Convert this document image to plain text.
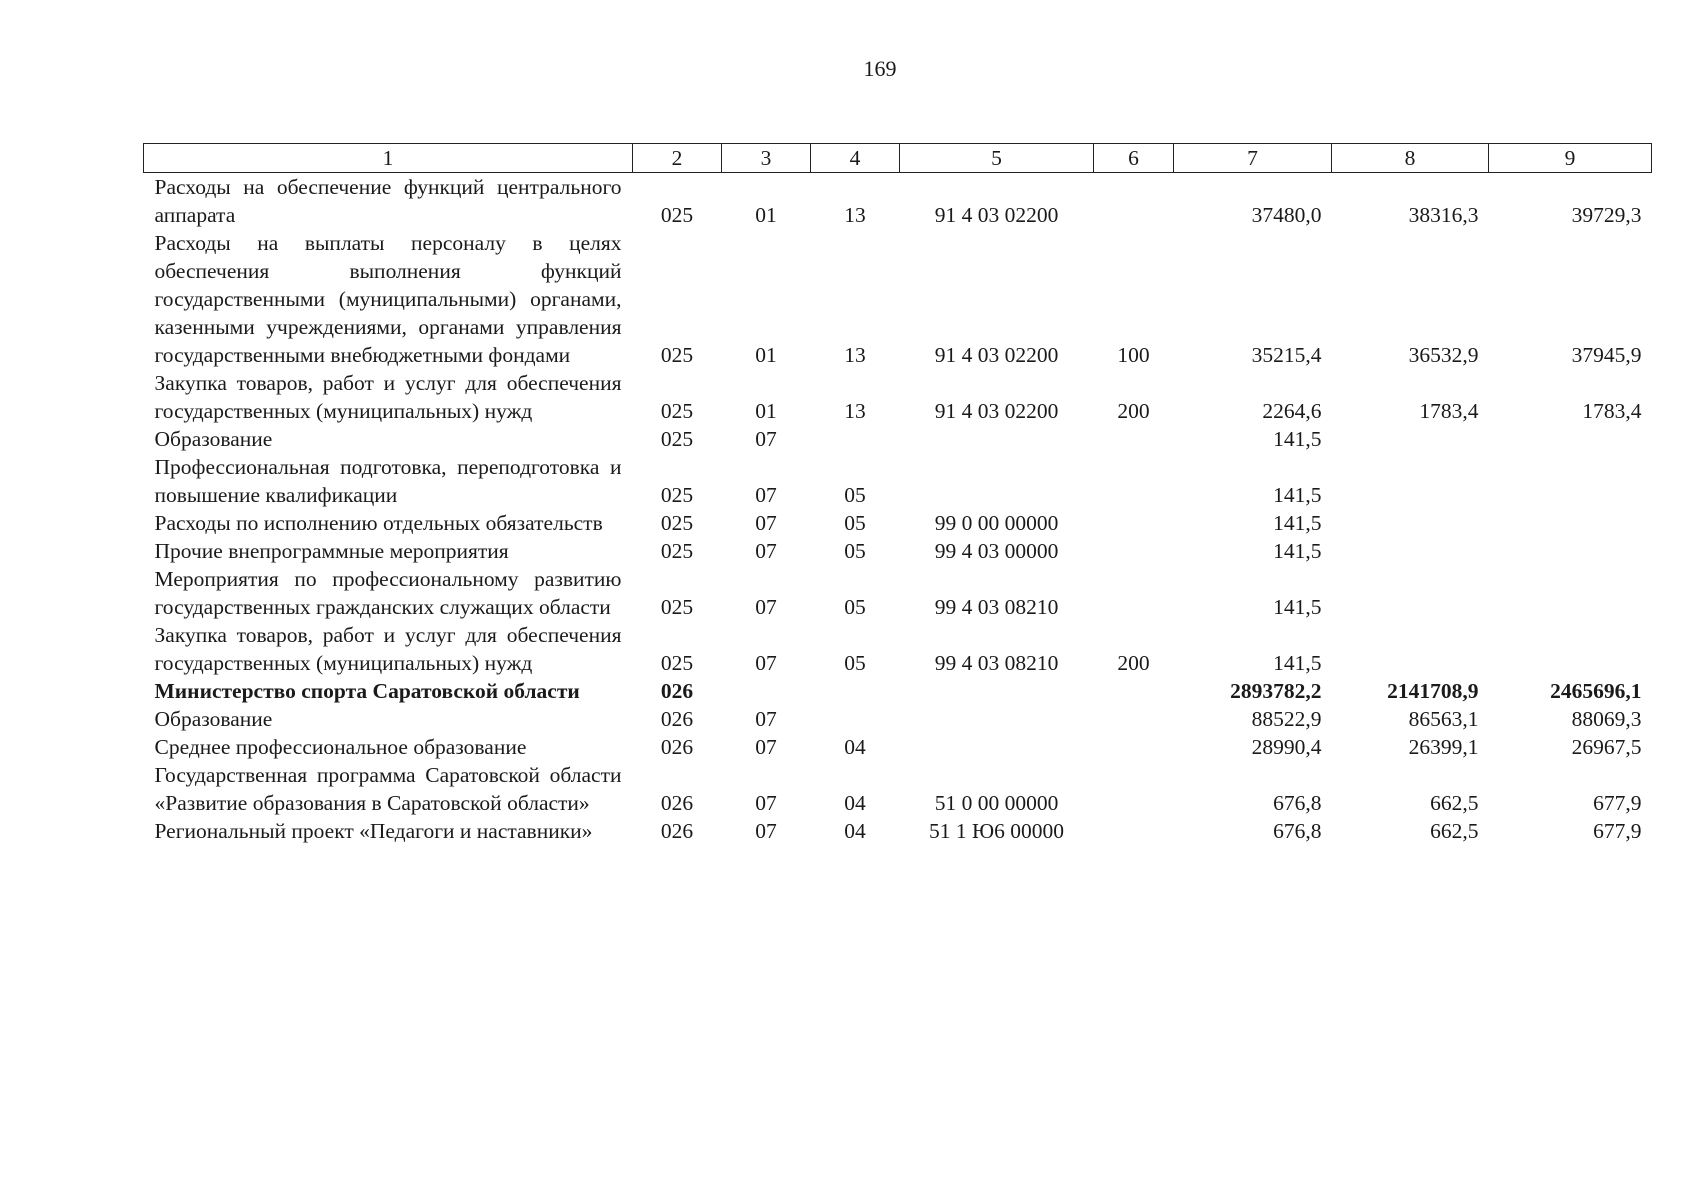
169
1	2	3	4	5	6	7	8	9

Расходы на обеспечение функций центрального аппарата	025	01	13	91 4 03 02200		37480,0	38316,3	39729,3

Расходы на выплаты персоналу в целях обеспечения выполнения функций государственными (муниципальными) органами, казенными учреждениями, органами управления государственными внебюджетными фондами	025	01	13	91 4 03 02200	100	35215,4	36532,9	37945,9

Закупка товаров, работ и услуг для обеспечения государственных (муниципальных) нужд	025	01	13	91 4 03 02200	200	2264,6	1783,4	1783,4

Образование	025	07				141,5		

Профессиональная подготовка, переподготовка и повышение квалификации	025	07	05			141,5		

Расходы по исполнению отдельных обязательств	025	07	05	99 0 00 00000		141,5		

Прочие внепрограммные мероприятия	025	07	05	99 4 03 00000		141,5		

Мероприятия по профессиональному развитию государственных гражданских служащих области	025	07	05	99 4 03 08210		141,5		

Закупка товаров, работ и услуг для обеспечения государственных (муниципальных) нужд	025	07	05	99 4 03 08210	200	141,5		

Министерство спорта Саратовской области	026					2893782,2	2141708,9	2465696,1

Образование	026	07				88522,9	86563,1	88069,3

Среднее профессиональное образование	026	07	04			28990,4	26399,1	26967,5

Государственная программа Саратовской области «Развитие образования в Саратовской области»	026	07	04	51 0 00 00000		676,8	662,5	677,9

Региональный проект «Педагоги и наставники»	026	07	04	51 1 Ю6 00000		676,8	662,5	677,9
